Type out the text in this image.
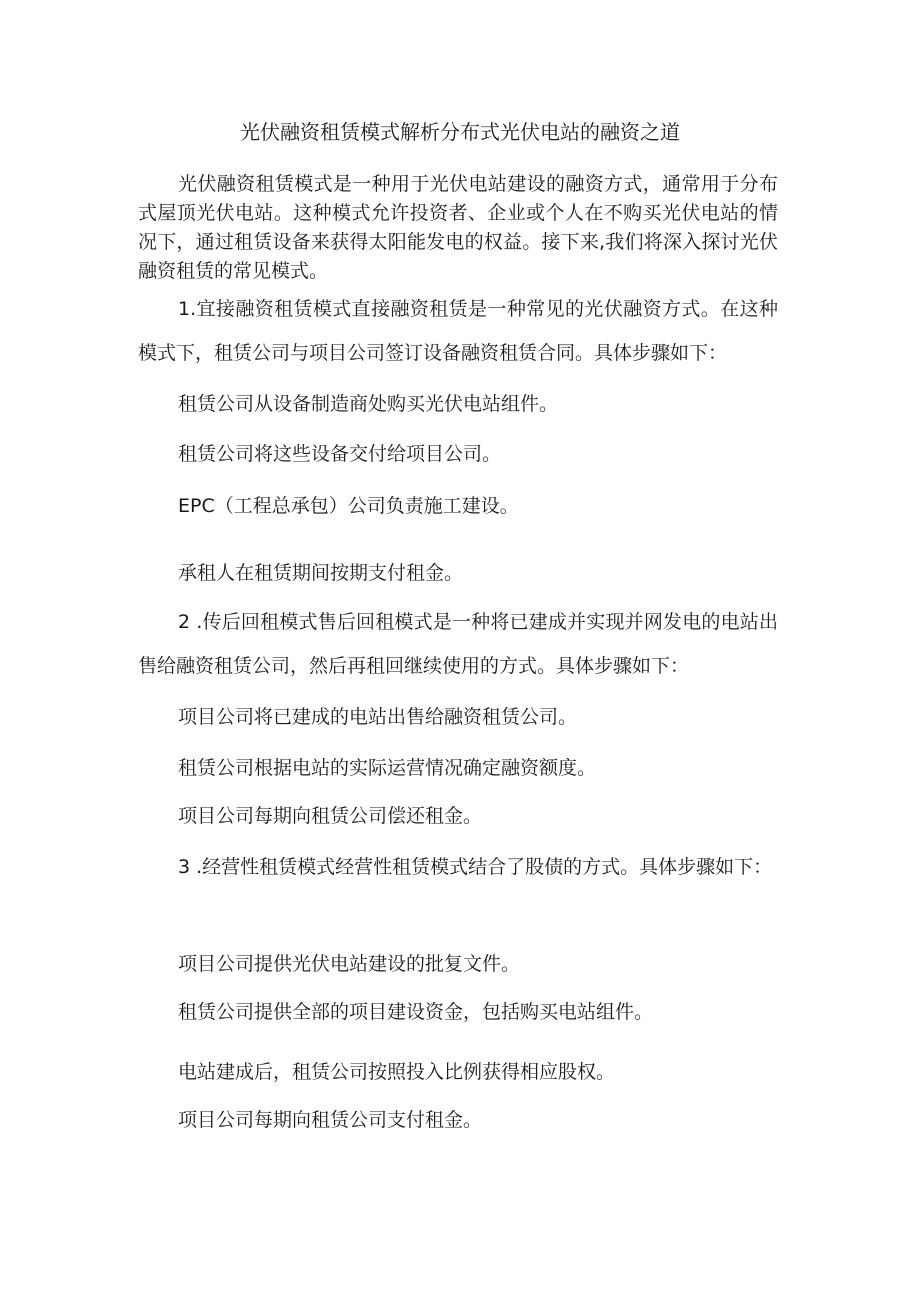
光伏融资租赁模式解析分布式光伏电站的融资之道

光伏融资租赁模式是一种用于光伏电站建设的融资方式，通常用于分布式屋顶光伏电站。这种模式允许投资者、企业或个人在不购买光伏电站的情况下，通过租赁设备来获得太阳能发电的权益。接下来,我们将深入探讨光伏融资租赁的常见模式。

1.宜接融资租赁模式直接融资租赁是一种常见的光伏融资方式。在这种模式下，租赁公司与项目公司签订设备融资租赁合同。具体步骤如下：

租赁公司从设备制造商处购买光伏电站组件。

租赁公司将这些设备交付给项目公司。

EPC（工程总承包）公司负责施工建设。

承租人在租赁期间按期支付租金。

2 .传后回租模式售后回租模式是一种将已建成并实现并网发电的电站出售给融资租赁公司，然后再租回继续使用的方式。具体步骤如下：

项目公司将已建成的电站出售给融资租赁公司。

租赁公司根据电站的实际运营情况确定融资额度。

项目公司每期向租赁公司偿还租金。

3 .经营性租赁模式经营性租赁模式结合了股债的方式。具体步骤如下：

项目公司提供光伏电站建设的批复文件。

租赁公司提供全部的项目建设资金，包括购买电站组件。

电站建成后，租赁公司按照投入比例获得相应股权。

项目公司每期向租赁公司支付租金。
